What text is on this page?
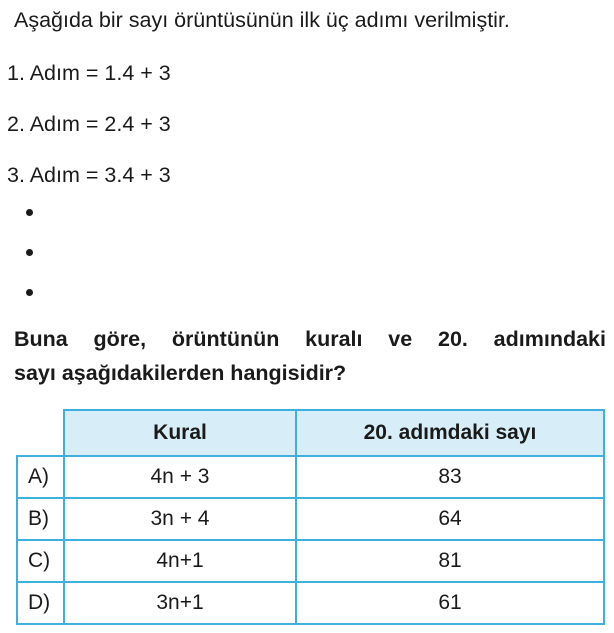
Aşağıda bir sayı örüntüsünün ilk üç adımı verilmiştir.
1. Adım = 1.4 + 3
2. Adım = 2.4 + 3
3. Adım = 3.4 + 3
Buna göre, örüntünün kuralı ve 20. adımındaki
sayı aşağıdakilerden hangisidir?
	Kural	20. adımdaki sayı
A)	4n + 3	83
B)	3n + 4	64
C)	4n+1	81
D)	3n+1	61
